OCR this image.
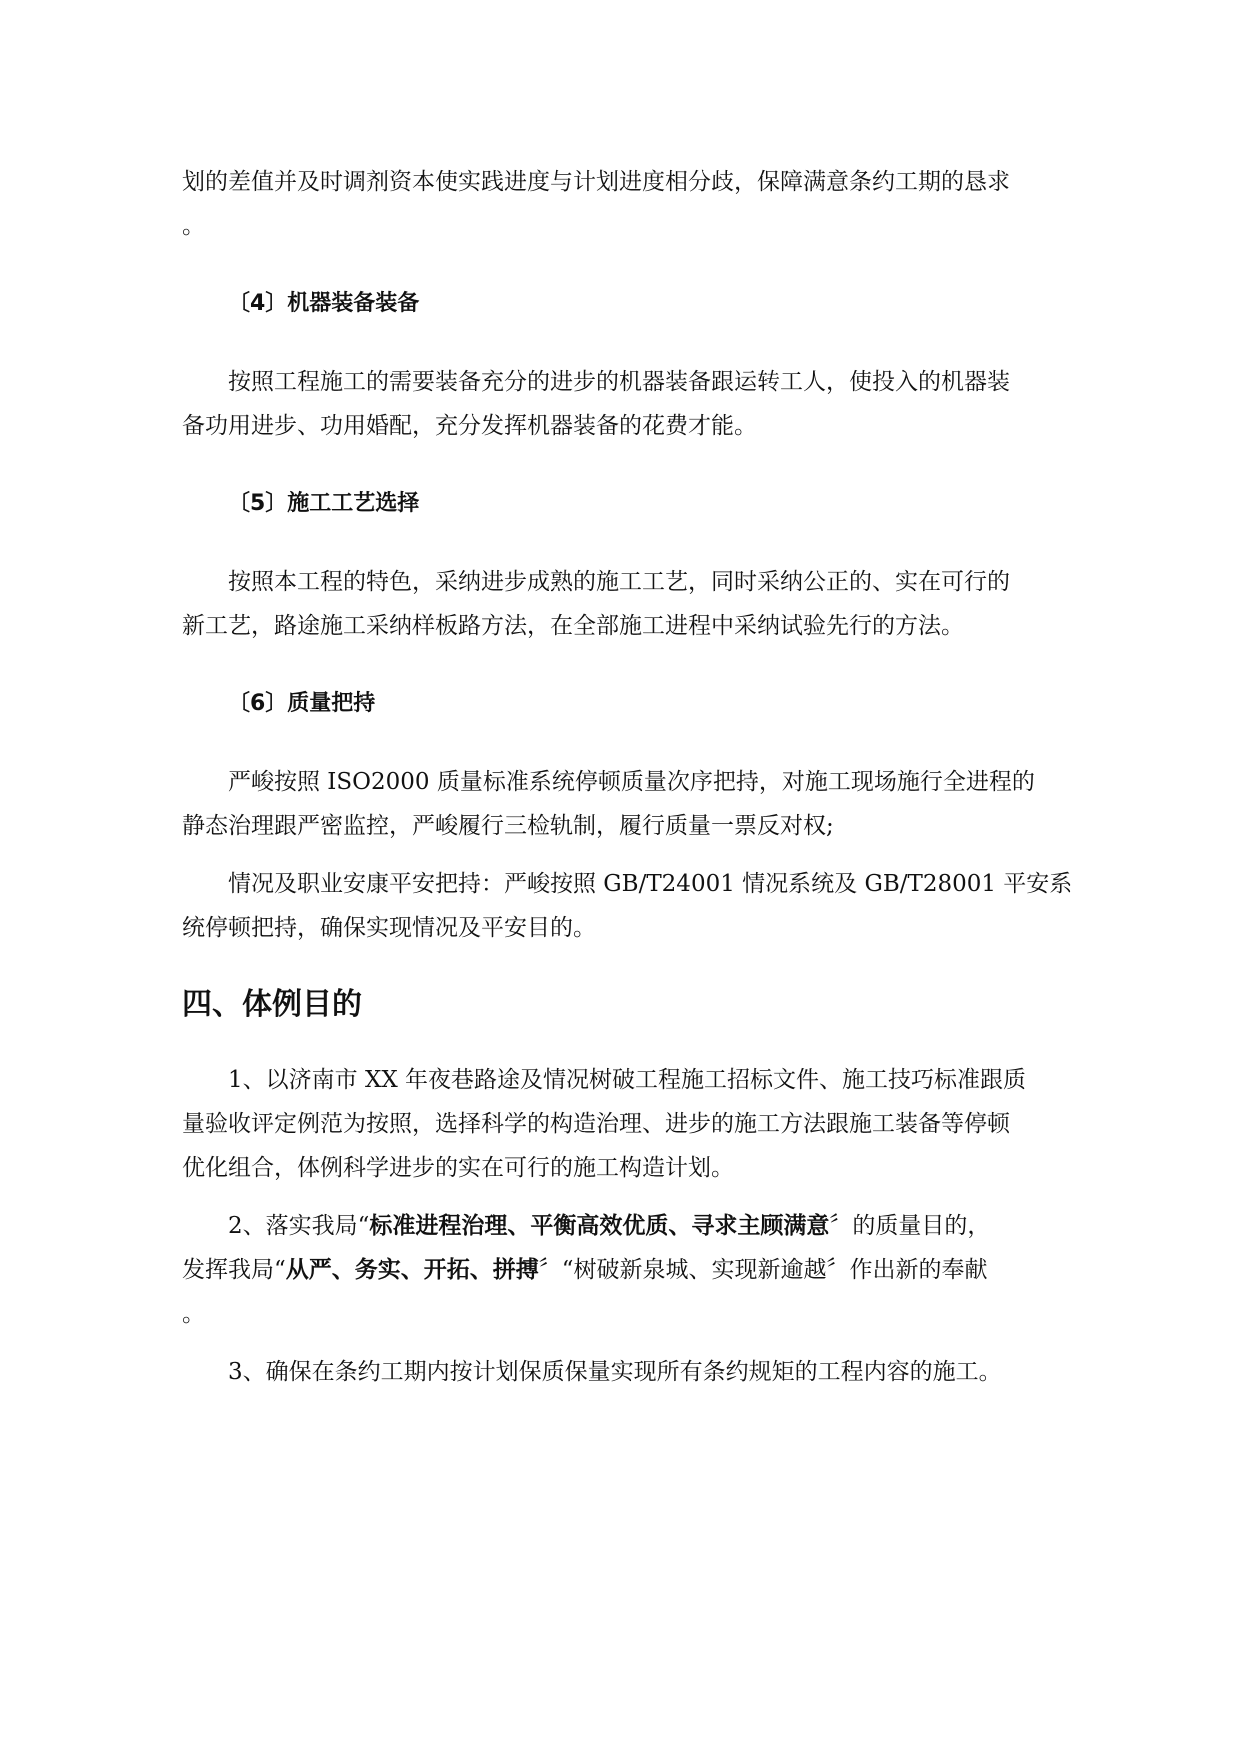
划的差值并及时调剂资本使实践进度与计划进度相分歧，保障满意条约工期的恳求

。

〔4〕机器装备装备

按照工程施工的需要装备充分的进步的机器装备跟运转工人，使投入的机器装

备功用进步、功用婚配，充分发挥机器装备的花费才能。

〔5〕施工工艺选择

按照本工程的特色，采纳进步成熟的施工工艺，同时采纳公正的、实在可行的

新工艺，路途施工采纳样板路方法，在全部施工进程中采纳试验先行的方法。

〔6〕质量把持

严峻按照 ISO2000 质量标准系统停顿质量次序把持，对施工现场施行全进程的

静态治理跟严密监控，严峻履行三检轨制，履行质量一票反对权;

情况及职业安康平安把持：严峻按照 GB/T24001 情况系统及 GB/T28001 平安系

统停顿把持，确保实现情况及平安目的。

四、体例目的

1、以济南市 XX 年夜巷路途及情况树破工程施工招标文件、施工技巧标准跟质

量验收评定例范为按照，选择科学的构造治理、进步的施工方法跟施工装备等停顿

优化组合，体例科学进步的实在可行的施工构造计划。

2、落实我局“标准进程治理、平衡高效优质、寻求主顾满意〞的质量目的，

发挥我局“从严、务实、开拓、拼搏〞“树破新泉城、实现新逾越〞作出新的奉献

。

3、确保在条约工期内按计划保质保量实现所有条约规矩的工程内容的施工。
